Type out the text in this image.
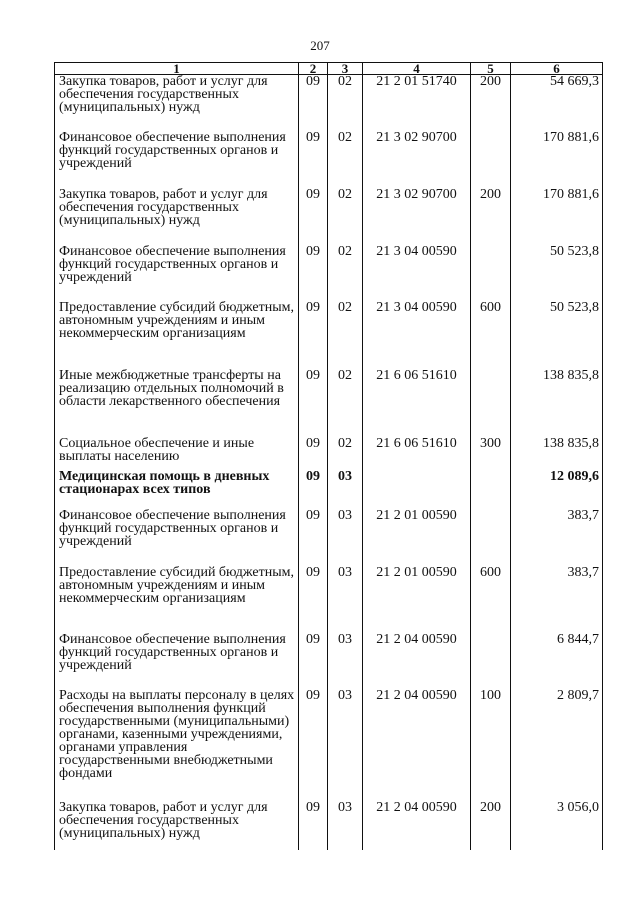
207
1	2	3	4	5	6
Закупка товаров, работ и услуг для обеспечения государственных (муниципальных) нужд	09	02	21 2 01 51740	200	54 669,3
Финансовое обеспечение выполнения функций государственных органов и учреждений	09	02	21 3 02 90700		170 881,6
Закупка товаров, работ и услуг для обеспечения государственных (муниципальных) нужд	09	02	21 3 02 90700	200	170 881,6
Финансовое обеспечение выполнения функций государственных органов и учреждений	09	02	21 3 04 00590		50 523,8
Предоставление субсидий бюджетным, автономным учреждениям и иным некоммерческим организациям	09	02	21 3 04 00590	600	50 523,8
Иные межбюджетные трансферты на реализацию отдельных полномочий в области лекарственного обеспечения	09	02	21 6 06 51610		138 835,8
Социальное обеспечение и иные выплаты населению	09	02	21 6 06 51610	300	138 835,8
Медицинская помощь в дневных стационарах всех типов	09	03			12 089,6
Финансовое обеспечение выполнения функций государственных органов и учреждений	09	03	21 2 01 00590		383,7
Предоставление субсидий бюджетным, автономным учреждениям и иным некоммерческим организациям	09	03	21 2 01 00590	600	383,7
Финансовое обеспечение выполнения функций государственных органов и учреждений	09	03	21 2 04 00590		6 844,7
Расходы на выплаты персоналу в целях обеспечения выполнения функций государственными (муниципальными) органами, казенными учреждениями, органами управления государственными внебюджетными фондами	09	03	21 2 04 00590	100	2 809,7
Закупка товаров, работ и услуг для обеспечения государственных (муниципальных) нужд	09	03	21 2 04 00590	200	3 056,0
